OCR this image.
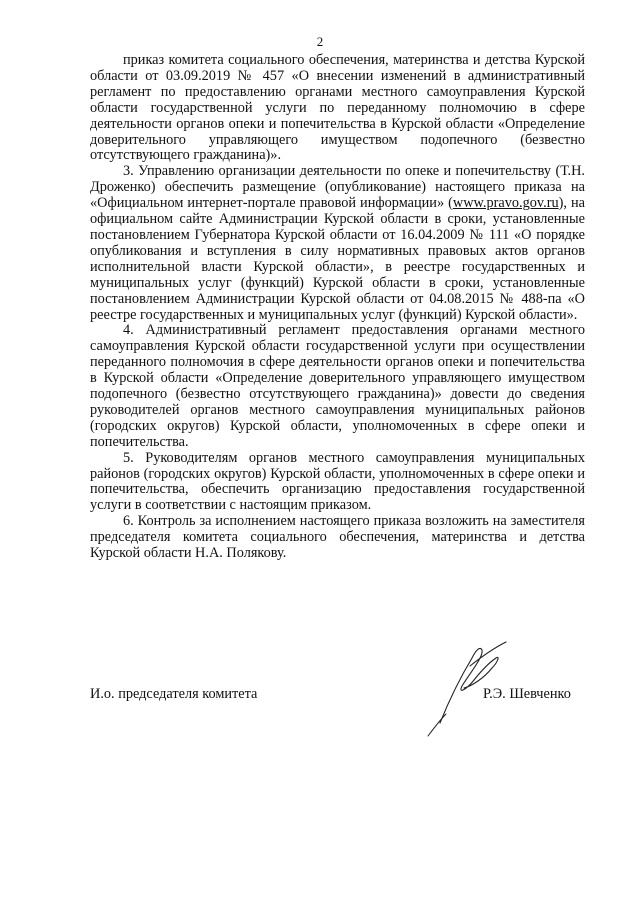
2

приказ комитета социального обеспечения, материнства и детства Курской области от 03.09.2019 № 457 «О внесении изменений в административный регламент по предоставлению органами местного самоуправления Курской области государственной услуги по переданному полномочию в сфере деятельности органов опеки и попечительства в Курской области «Определение доверительного управляющего имуществом подопечного (безвестно отсутствующего гражданина)».

3. Управлению организации деятельности по опеке и попечительству (Т.Н. Дроженко) обеспечить размещение (опубликование) настоящего приказа на «Официальном интернет-портале правовой информации» (www.pravo.gov.ru), на официальном сайте Администрации Курской области в сроки, установленные постановлением Губернатора Курской области от 16.04.2009 № 111 «О порядке опубликования и вступления в силу нормативных правовых актов органов исполнительной власти Курской области», в реестре государственных и муниципальных услуг (функций) Курской области в сроки, установленные постановлением Администрации Курской области от 04.08.2015 № 488-па «О реестре государственных и муниципальных услуг (функций) Курской области».

4. Административный регламент предоставления органами местного самоуправления Курской области государственной услуги при осуществлении переданного полномочия в сфере деятельности органов опеки и попечительства в Курской области «Определение доверительного управляющего имуществом подопечного (безвестно отсутствующего гражданина)» довести до сведения руководителей органов местного самоуправления муниципальных районов (городских округов) Курской области, уполномоченных в сфере опеки и попечительства.

5. Руководителям органов местного самоуправления муниципальных районов (городских округов) Курской области, уполномоченных в сфере опеки и попечительства, обеспечить организацию предоставления государственной услуги в соответствии с настоящим приказом.

6. Контроль за исполнением настоящего приказа возложить на заместителя председателя комитета социального обеспечения, материнства и детства Курской области Н.А. Полякову.

И.о. председателя комитета	Р.Э. Шевченко
